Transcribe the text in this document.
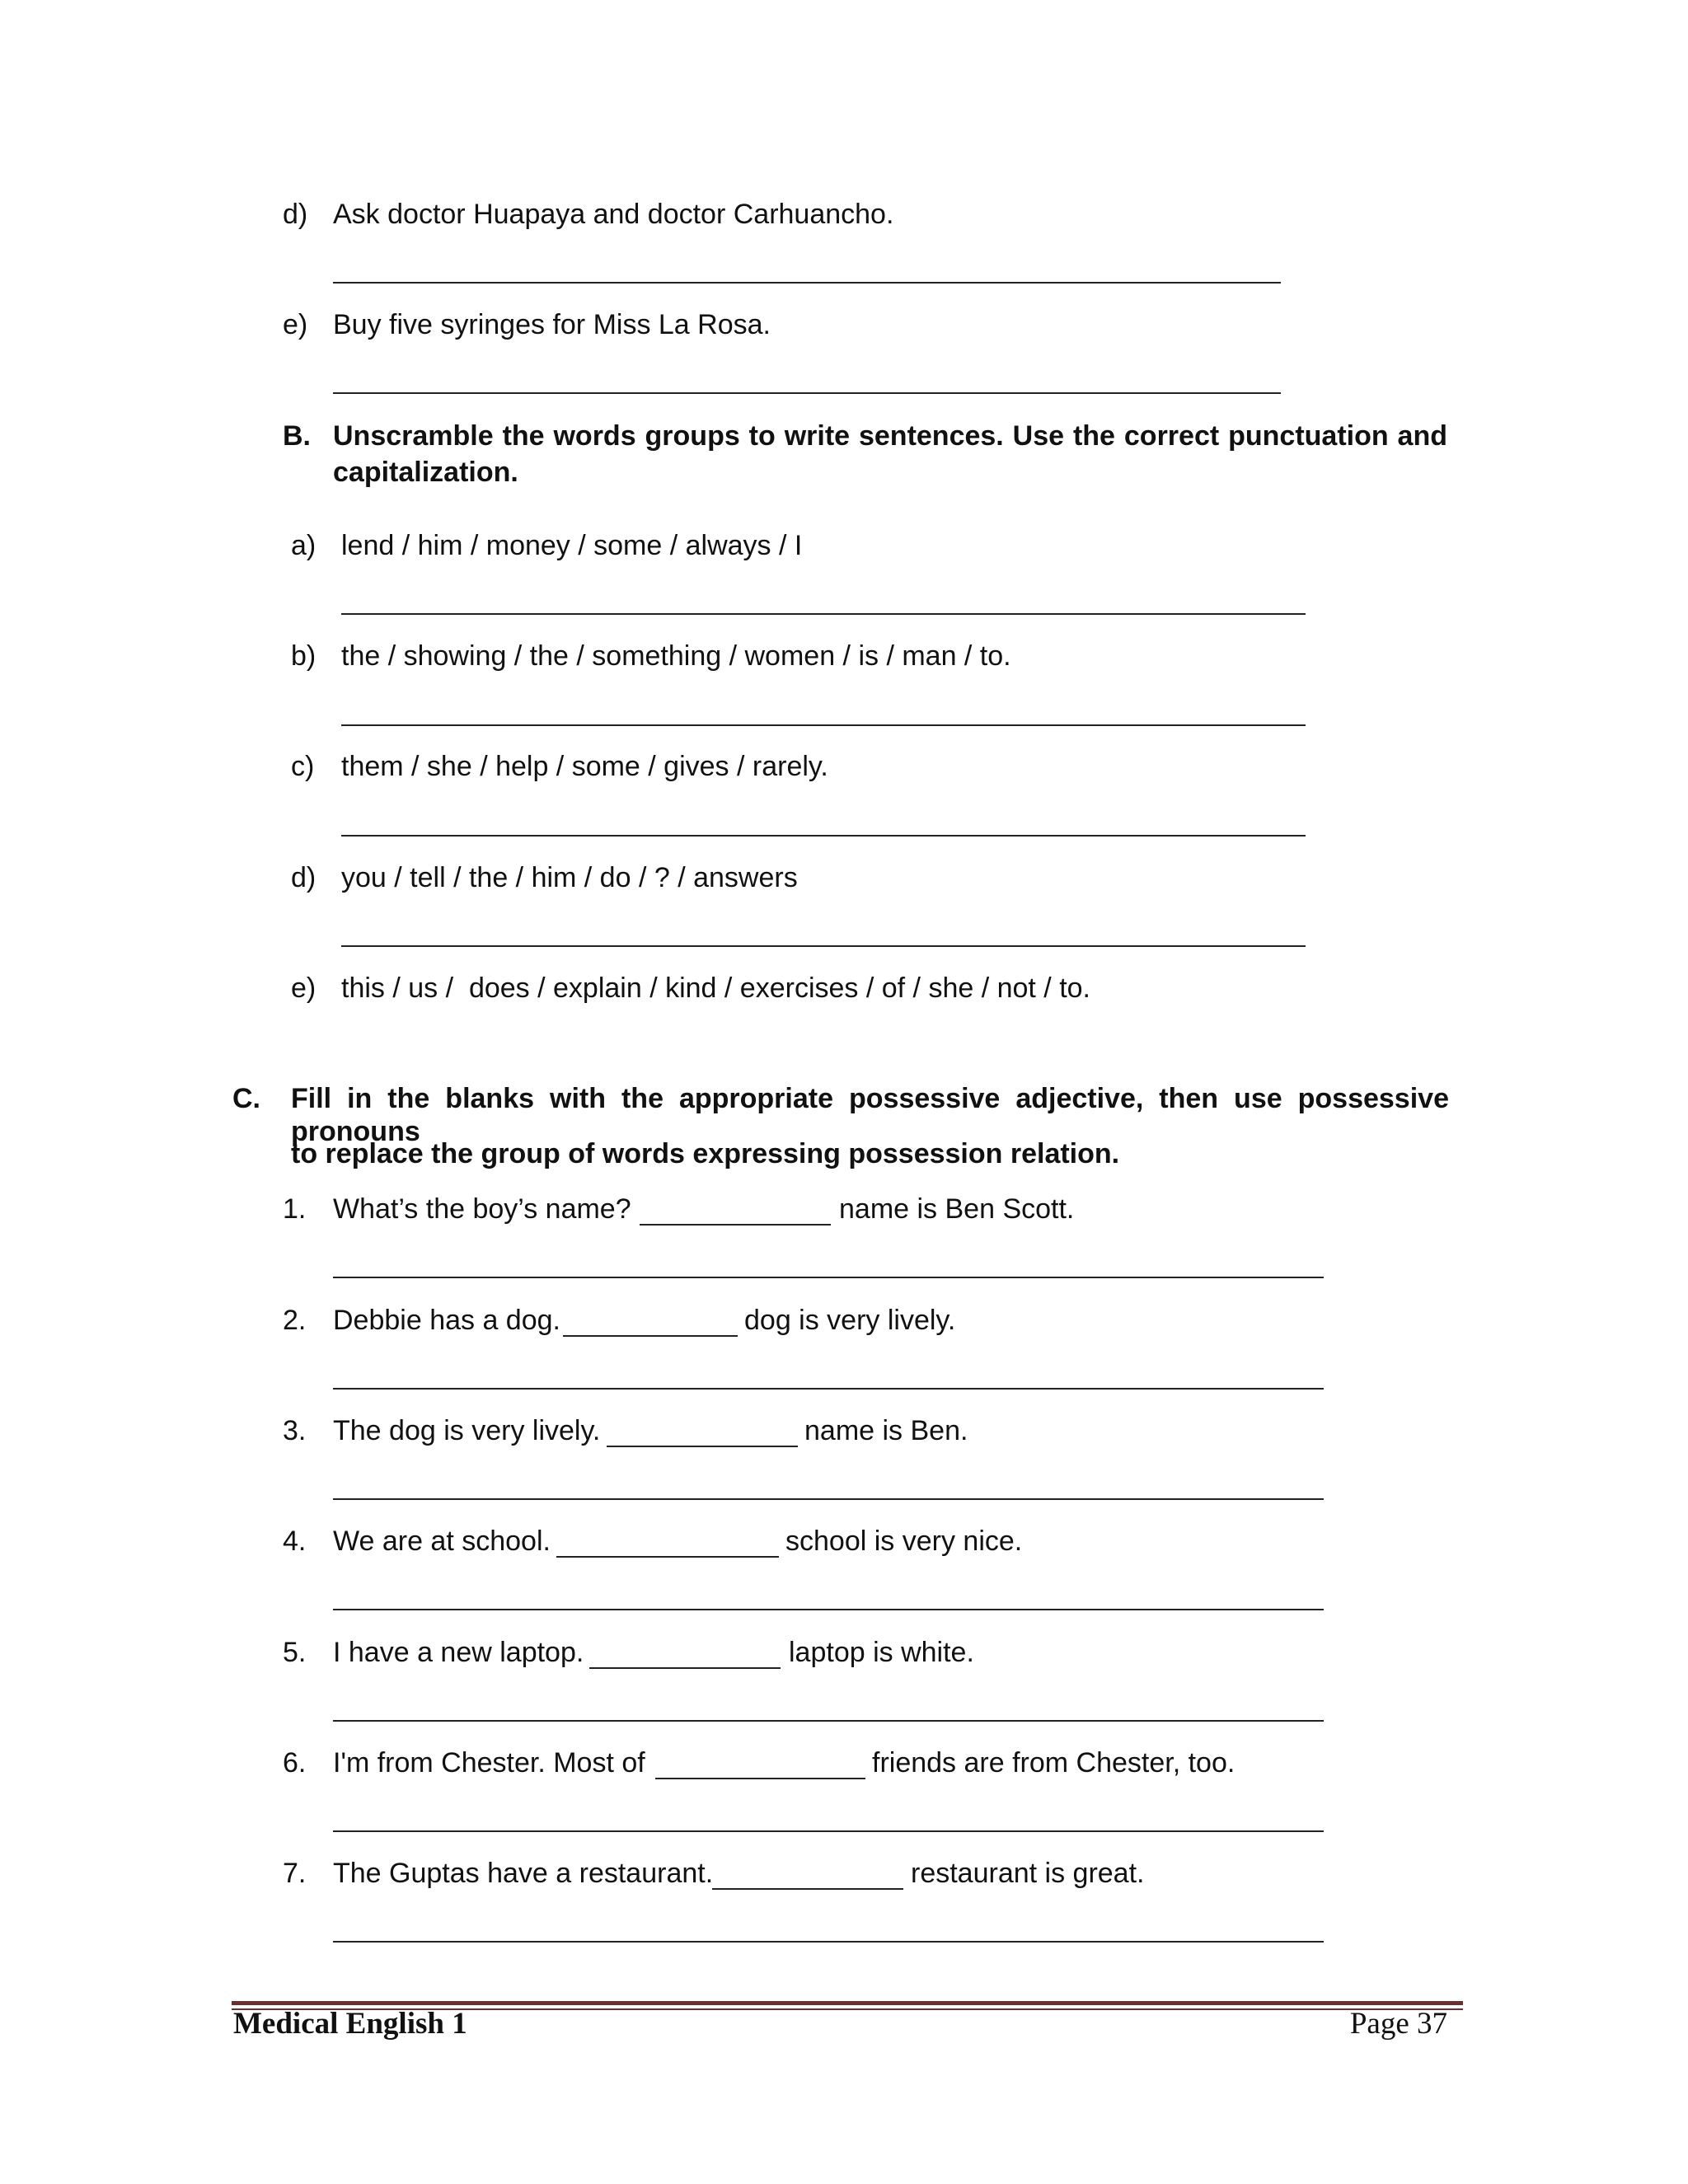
d) Ask doctor Huapaya and doctor Carhuancho.
e) Buy five syringes for Miss La Rosa.
B. Unscramble the words groups to write sentences. Use the correct punctuation and
capitalization.
a) lend / him / money / some / always / I
b) the / showing / the / something / women / is / man / to.
c) them / she / help / some / gives / rarely.
d) you / tell / the / him / do / ? / answers
e) this / us /  does / explain / kind / exercises / of / she / not / to.
C. Fill in the blanks with the appropriate possessive adjective, then use possessive pronouns
to replace the group of words expressing possession relation.
1. What’s the boy’s name?	name is Ben Scott.
2. Debbie has a dog.	dog is very lively.
3. The dog is very lively.	name is Ben.
4. We are at school.	school is very nice.
5. I have a new laptop.	laptop is white.
6. I'm from Chester. Most of	friends are from Chester, too.
7. The Guptas have a restaurant.	restaurant is great.
Medical English 1	Page 37
